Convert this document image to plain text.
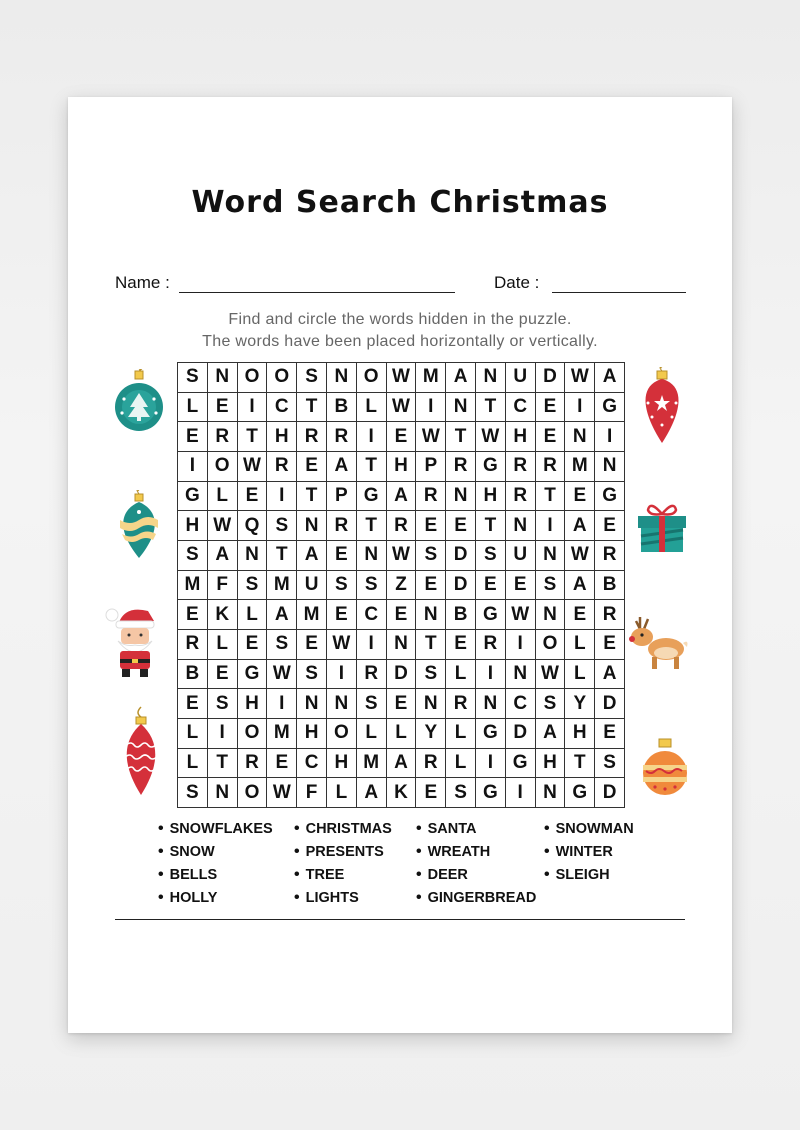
Word Search Christmas
Name :	Date :
Find and circle the words hidden in the puzzle.
The words have been placed horizontally or vertically.
S N O O S N O W M A N U D W A
L E	I	C T B L W I	N T C E	I	G
E R T H R R	I	E W T W H E N	I
I	O W R E A T H P R G R R M N
G L E	I	T P G A R N H R T E G
H W Q S N R T R E E T N	I	A E
S A N T A E N W S D S U N W R
M F S M U S S Z E D E E S A B
E K L A M E C E N B G W N E R
R L E S E W I	N T E R	I	O L E
B E G W S	I	R D S L	I	N W L A
E S H	I	N N S E N R N C S Y D
L	I	O M H O L L Y L G D A H E
L T R E C H M A R L	I	G H T S
S N O W F L A K E S G	I	N G D
• SNOWFLAKES
• SNOW
• BELLS
• HOLLY
• CHRISTMAS
• PRESENTS
• TREE
• LIGHTS
• SANTA
• WREATH
• DEER
• GINGERBREAD
• SNOWMAN
• WINTER
• SLEIGH
